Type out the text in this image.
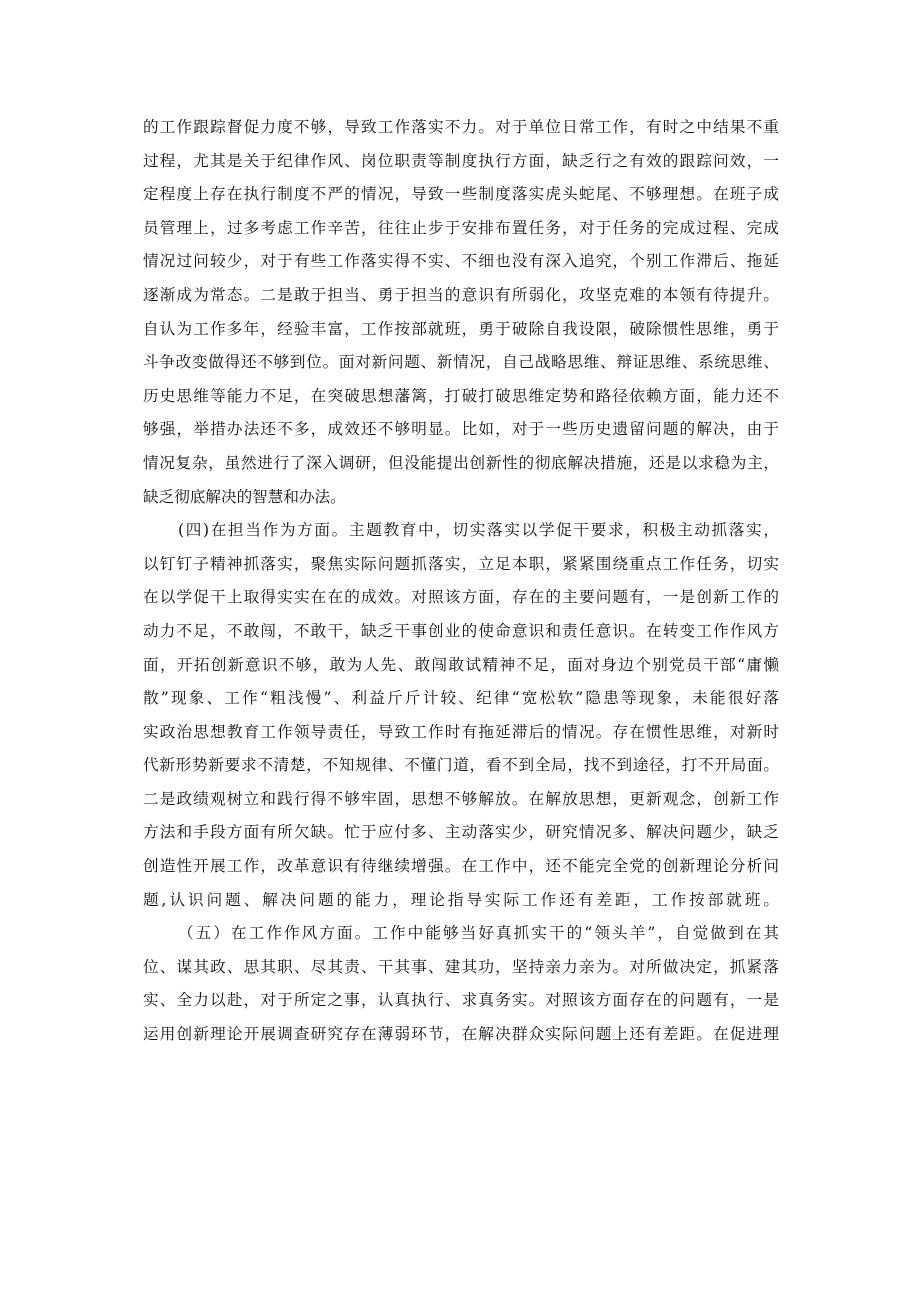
的工作跟踪督促力度不够，导致工作落实不力。对于单位日常工作，有时之中结果不重
过程，尤其是关于纪律作风、岗位职责等制度执行方面，缺乏行之有效的跟踪问效，一
定程度上存在执行制度不严的情况，导致一些制度落实虎头蛇尾、不够理想。在班子成
员管理上，过多考虑工作辛苦，往往止步于安排布置任务，对于任务的完成过程、完成
情况过问较少，对于有些工作落实得不实、不细也没有深入追究，个别工作滞后、拖延
逐渐成为常态。二是敢于担当、勇于担当的意识有所弱化，攻坚克难的本领有待提升。
自认为工作多年，经验丰富，工作按部就班，勇于破除自我设限，破除惯性思维，勇于
斗争改变做得还不够到位。面对新问题、新情况，自己战略思维、辩证思维、系统思维、
历史思维等能力不足，在突破思想藩篱，打破打破思维定势和路径依赖方面，能力还不
够强，举措办法还不多，成效还不够明显。比如，对于一些历史遗留问题的解决，由于
情况复杂，虽然进行了深入调研，但没能提出创新性的彻底解决措施，还是以求稳为主，
缺乏彻底解决的智慧和办法。
(四)在担当作为方面。主题教育中，切实落实以学促干要求，积极主动抓落实，
以钉钉子精神抓落实，聚焦实际问题抓落实，立足本职，紧紧围绕重点工作任务，切实
在以学促干上取得实实在在的成效。对照该方面，存在的主要问题有，一是创新工作的
动力不足，不敢闯，不敢干，缺乏干事创业的使命意识和责任意识。在转变工作作风方
面，开拓创新意识不够，敢为人先、敢闯敢试精神不足，面对身边个别党员干部“庸懒
散”现象、工作“粗浅慢”、利益斤斤计较、纪律“宽松软”隐患等现象，未能很好落
实政治思想教育工作领导责任，导致工作时有拖延滞后的情况。存在惯性思维，对新时
代新形势新要求不清楚，不知规律、不懂门道，看不到全局，找不到途径，打不开局面。
二是政绩观树立和践行得不够牢固，思想不够解放。在解放思想，更新观念，创新工作
方法和手段方面有所欠缺。忙于应付多、主动落实少，研究情况多、解决问题少，缺乏
创造性开展工作，改革意识有待继续增强。在工作中，还不能完全党的创新理论分析问
题,认识问题、解决问题的能力，理论指导实际工作还有差距，工作按部就班。
（五）在工作作风方面。工作中能够当好真抓实干的“领头羊”，自觉做到在其
位、谋其政、思其职、尽其责、干其事、建其功，坚持亲力亲为。对所做决定，抓紧落
实、全力以赴，对于所定之事，认真执行、求真务实。对照该方面存在的问题有，一是
运用创新理论开展调查研究存在薄弱环节，在解决群众实际问题上还有差距。在促进理
